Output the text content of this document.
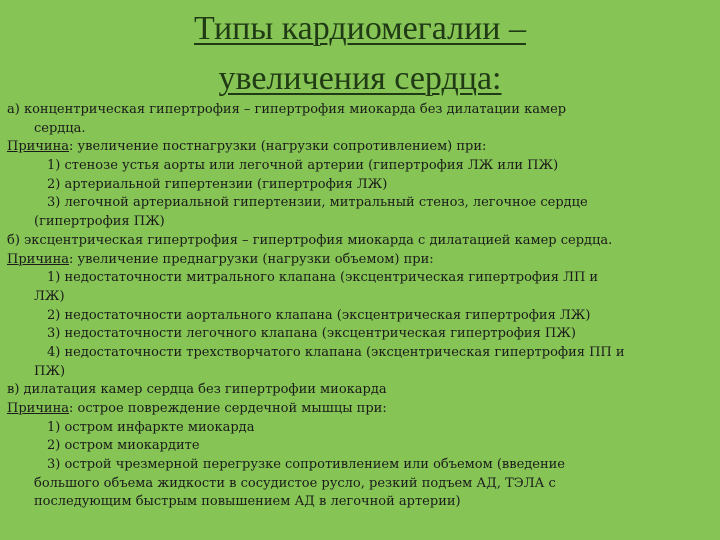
Типы кардиомегалии –
увеличения сердца:
а) концентрическая гипертрофия – гипертрофия миокарда без дилатации камер
сердца.
Причина: увеличение постнагрузки (нагрузки сопротивлением) при:
1) стенозе устья аорты или легочной артерии (гипертрофия ЛЖ или ПЖ)
2) артериальной гипертензии (гипертрофия ЛЖ)
3) легочной артериальной гипертензии, митральный стеноз, легочное сердце
(гипертрофия ПЖ)
б) эксцентрическая гипертрофия – гипертрофия миокарда с дилатацией камер сердца.
Причина: увеличение преднагрузки (нагрузки объемом) при:
1) недостаточности митрального клапана (эксцентрическая гипертрофия ЛП и
ЛЖ)
2) недостаточности аортального клапана (эксцентрическая гипертрофия ЛЖ)
3) недостаточности легочного клапана (эксцентрическая гипертрофия ПЖ)
4) недостаточности трехстворчатого клапана (эксцентрическая гипертрофия ПП и
ПЖ)
в) дилатация камер сердца без гипертрофии миокарда
Причина: острое повреждение сердечной мышцы при:
1) остром инфаркте миокарда
2) остром миокардите
3) острой чрезмерной перегрузке сопротивлением или объемом (введение
большого объема жидкости в сосудистое русло, резкий подъем АД, ТЭЛА с
последующим быстрым повышением АД в легочной артерии)
